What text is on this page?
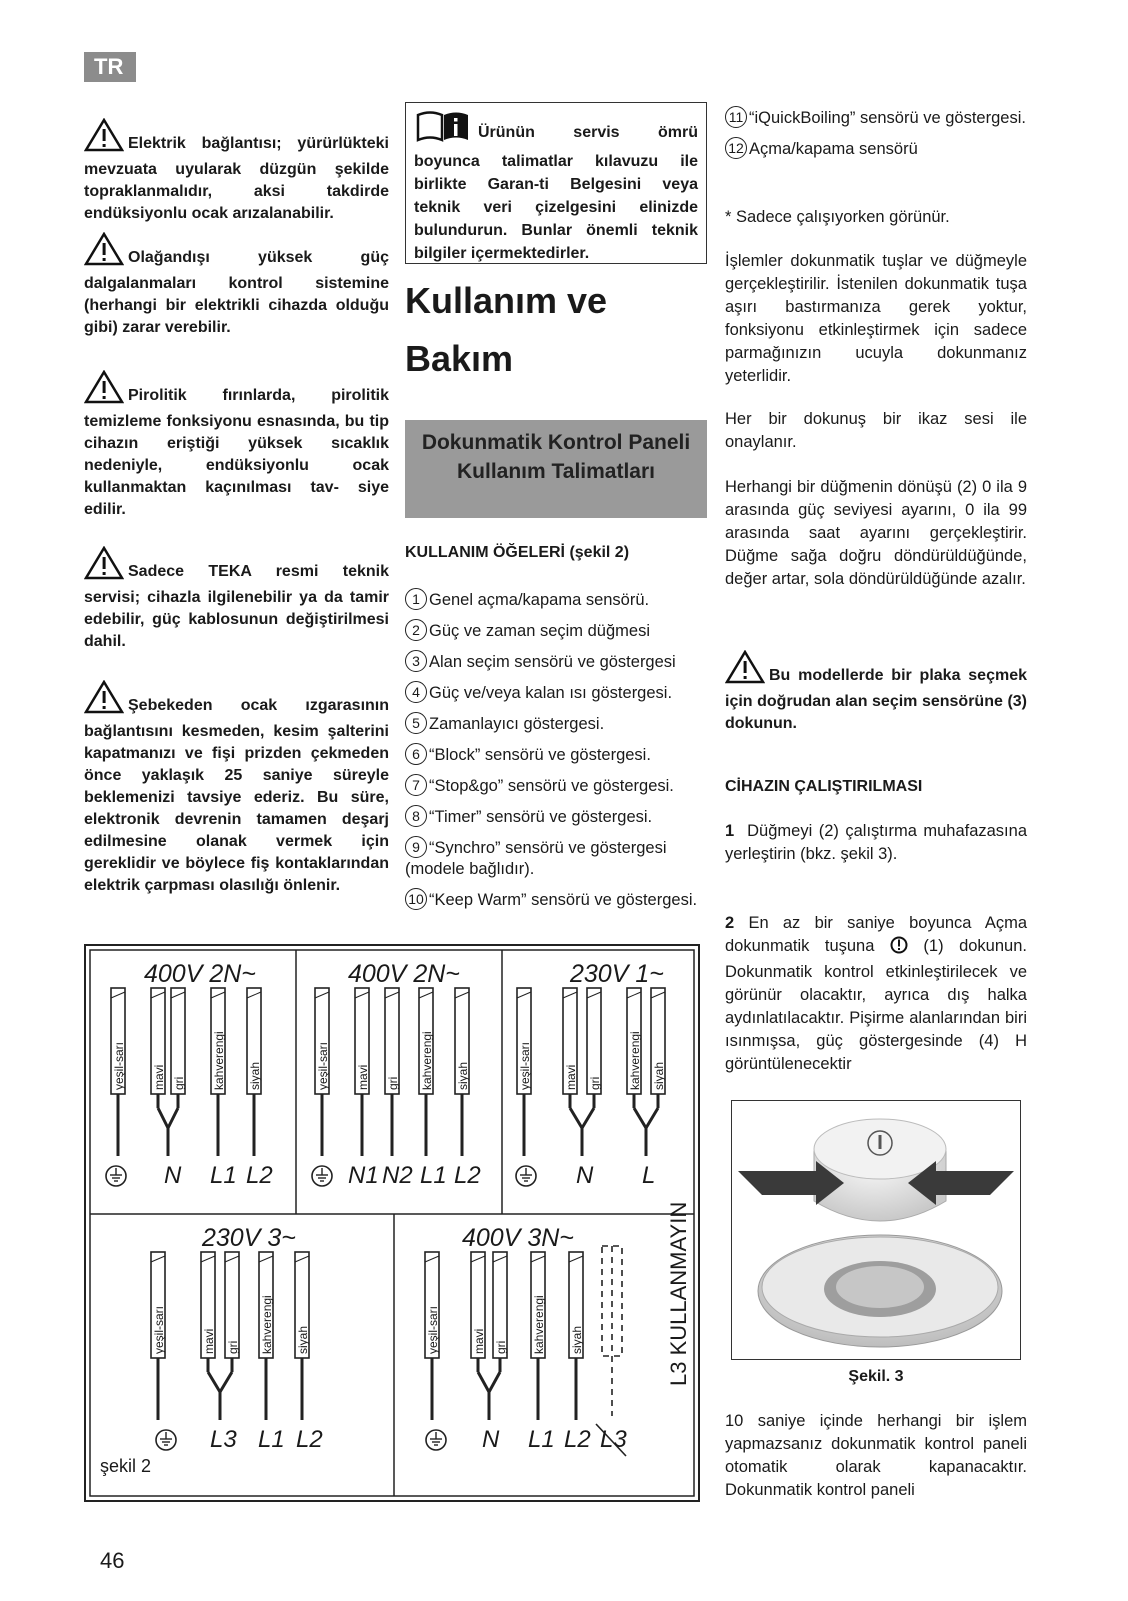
TR
Elektrik bağlantısı; yürürlükteki mevzuata uyularak düzgün şekilde topraklanmalıdır, aksi takdirde endüksiyonlu ocak arızalanabilir.
Olağandışı yüksek güç dalgalanmaları kontrol sistemine (herhangi bir elektrikli cihazda olduğu gibi) zarar verebilir.
Pirolitik fırınlarda, pirolitik temizleme fonksiyonu esnasında, bu tip cihazın eriştiği yüksek sıcaklık nedeniyle, endüksiyonlu ocak kullanmaktan kaçınılması tav- siye edilir.
Sadece TEKA resmi teknik servisi; cihazla ilgilenebilir ya da tamir edebilir, güç kablosunun değiştirilmesi dahil.
Şebekeden ocak ızgarasının bağlantısını kesmeden, kesim şalterini kapatmanızı ve fişi prizden çekmeden önce yaklaşık 25 saniye süreyle beklemenizi tavsiye ederiz. Bu süre, elektronik devrenin tamamen deşarj edilmesine olanak vermek için gereklidir ve böylece fiş kontaklarından elektrik çarpması olasılığı önlenir.
Ürünün servis ömrü boyunca talimatlar kılavuzu ile birlikte Garan-ti Belgesini veya teknik veri çizelgesini elinizde bulundurun. Bunlar önemli teknik bilgiler içermektedirler.
Kullanım ve
Bakım
Dokunmatik Kontrol Paneli Kullanım Talimatları
KULLANIM ÖĞELERİ (şekil 2)
1 Genel açma/kapama sensörü.
2 Güç ve zaman seçim düğmesi
3 Alan seçim sensörü ve göstergesi
4 Güç ve/veya kalan ısı göstergesi.
5 Zamanlayıcı göstergesi.
6 “Block” sensörü ve göstergesi.
7 “Stop&go” sensörü ve göstergesi.
8 “Timer” sensörü ve göstergesi.
9 “Synchro” sensörü ve göstergesi (modele bağlıdır).
10 “Keep Warm” sensörü ve göstergesi.
11 “iQuickBoiling” sensörü ve göstergesi.
12 Açma/kapama sensörü
* Sadece çalışıyorken görünür.
İşlemler dokunmatik tuşlar ve düğmeyle gerçekleştirilir. İstenilen dokunmatik tuşa aşırı bastırmanıza gerek yoktur, fonksiyonu etkinleştirmek için sadece parmağınızın ucuyla dokunmanız yeterlidir.
Her bir dokunuş bir ikaz sesi ile onaylanır.
Herhangi bir düğmenin dönüşü (2) 0 ila 9 arasında güç seviyesi ayarını, 0 ila 99 arasında saat ayarını gerçekleştirir. Düğme sağa doğru döndürüldüğünde, değer artar, sola döndürüldüğünde azalır.
Bu modellerde bir plaka seçmek için doğrudan alan seçim sensörüne (3) dokunun.
CİHAZIN ÇALIŞTIRILMASI
1 Düğmeyi (2) çalıştırma muhafazasına yerleştirin (bkz. şekil 3).
2 En az bir saniye boyunca Açma dokunmatik tuşuna	(1) dokunun. Dokunmatik kontrol etkinleştirilecek ve görünür olacaktır, ayrıca dış halka aydınlatılacaktır. Pişirme alanlarından biri ısınmışsa, güç göstergesinde (4) H görüntülenecektir
Şekil. 3
10 saniye içinde herhangi bir işlem yapmazsanız dokunmatik kontrol paneli otomatik olarak kapanacaktır. Dokunmatik kontrol paneli
400V 2N~	400V 2N~	230V 1~
230V 3~	400V 3N~
N L1 L2	N1 N2 L1 L2	N L
L3 L1 L2	N L1 L2 L3
L3 KULLANMAYIN
yeşil-sarı mavi gri kahverengi siyah	yeşil-sarı mavi gri kahverengi siyah	yeşil-sarı	mavi gri kahverengi siyah
yeşil-sarı	mavi gri kahverengi siyah	yeşil-sarı	mavi gri kahverengi siyah
şekil 2
46
